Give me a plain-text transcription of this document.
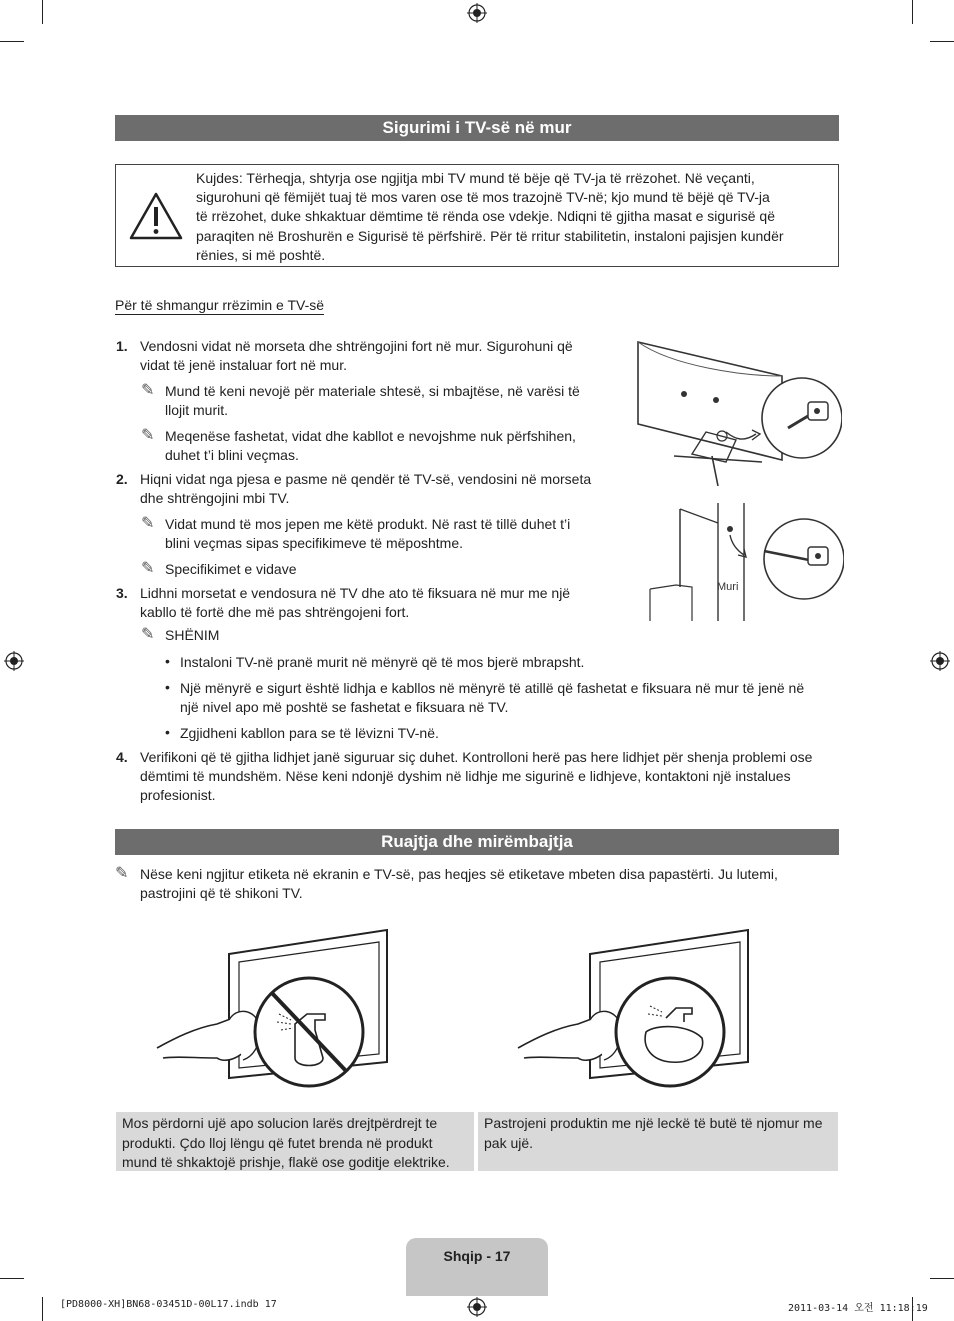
Sigurimi i TV-së në mur
Kujdes: Tërheqja, shtyrja ose ngjitja mbi TV mund të bëje që TV-ja të rrëzohet. Në veçanti,
sigurohuni që fëmijët tuaj të mos varen ose të mos trazojnë TV-në; kjo mund të bëjë që TV-ja
të rrëzohet, duke shkaktuar dëmtime të rënda ose vdekje. Ndiqni të gjitha masat e sigurisë që
paraqiten në Broshurën e Sigurisë të përfshirë. Për të rritur stabilitetin, instaloni pajisjen kundër
rënies, si më poshtë.
Për të shmangur rrëzimin e TV-së
1. Vendosni vidat në morseta dhe shtrëngojini fort në mur. Sigurohuni që
vidat të jenë instaluar fort në mur.
✎ Mund të keni nevojë për materiale shtesë, si mbajtëse, në varësi të
llojit murit.
✎ Meqenëse fashetat, vidat dhe kabllot e nevojshme nuk përfshihen,
duhet t’i blini veçmas.
2. Hiqni vidat nga pjesa e pasme në qendër të TV-së, vendosini në morseta
dhe shtrëngojini mbi TV.
✎ Vidat mund të mos jepen me këtë produkt. Në rast të tillë duhet t’i
blini veçmas sipas specifikimeve të mëposhtme.
✎ Specifikimet e vidave
3. Lidhni morsetat e vendosura në TV dhe ato të fiksuara në mur me një
kabllo të fortë dhe më pas shtrëngojeni fort.
✎ SHËNIM
• Instaloni TV-në pranë murit në mënyrë që të mos bjerë mbrapsht.
• Një mënyrë e sigurt është lidhja e kabllos në mënyrë të atillë që fashetat e fiksuara në mur të jenë në
një nivel apo më poshtë se fashetat e fiksuara në TV.
• Zgjidheni kabllon para se të lëvizni TV-në.
4. Verifikoni që të gjitha lidhjet janë siguruar siç duhet. Kontrolloni herë pas here lidhjet për shenja problemi ose
dëmtimi të mundshëm. Nëse keni ndonjë dyshim në lidhje me sigurinë e lidhjeve, kontaktoni një instalues
profesionist.
Muri
Ruajtja dhe mirëmbajtja
✎ Nëse keni ngjitur etiketa në ekranin e TV-së, pas heqjes së etiketave mbeten disa papastërti. Ju lutemi,
pastrojini që të shikoni TV.
Mos përdorni ujë apo solucion larës drejtpërdrejt te
produkti. Çdo lloj lëngu që futet brenda në produkt
mund të shkaktojë prishje, flakë ose goditje elektrike.
Pastrojeni produktin me një leckë të butë të njomur me
pak ujë.
Shqip - 17
[PD8000-XH]BN68-03451D-00L17.indb 17	2011-03-14 오전 11:18:19
